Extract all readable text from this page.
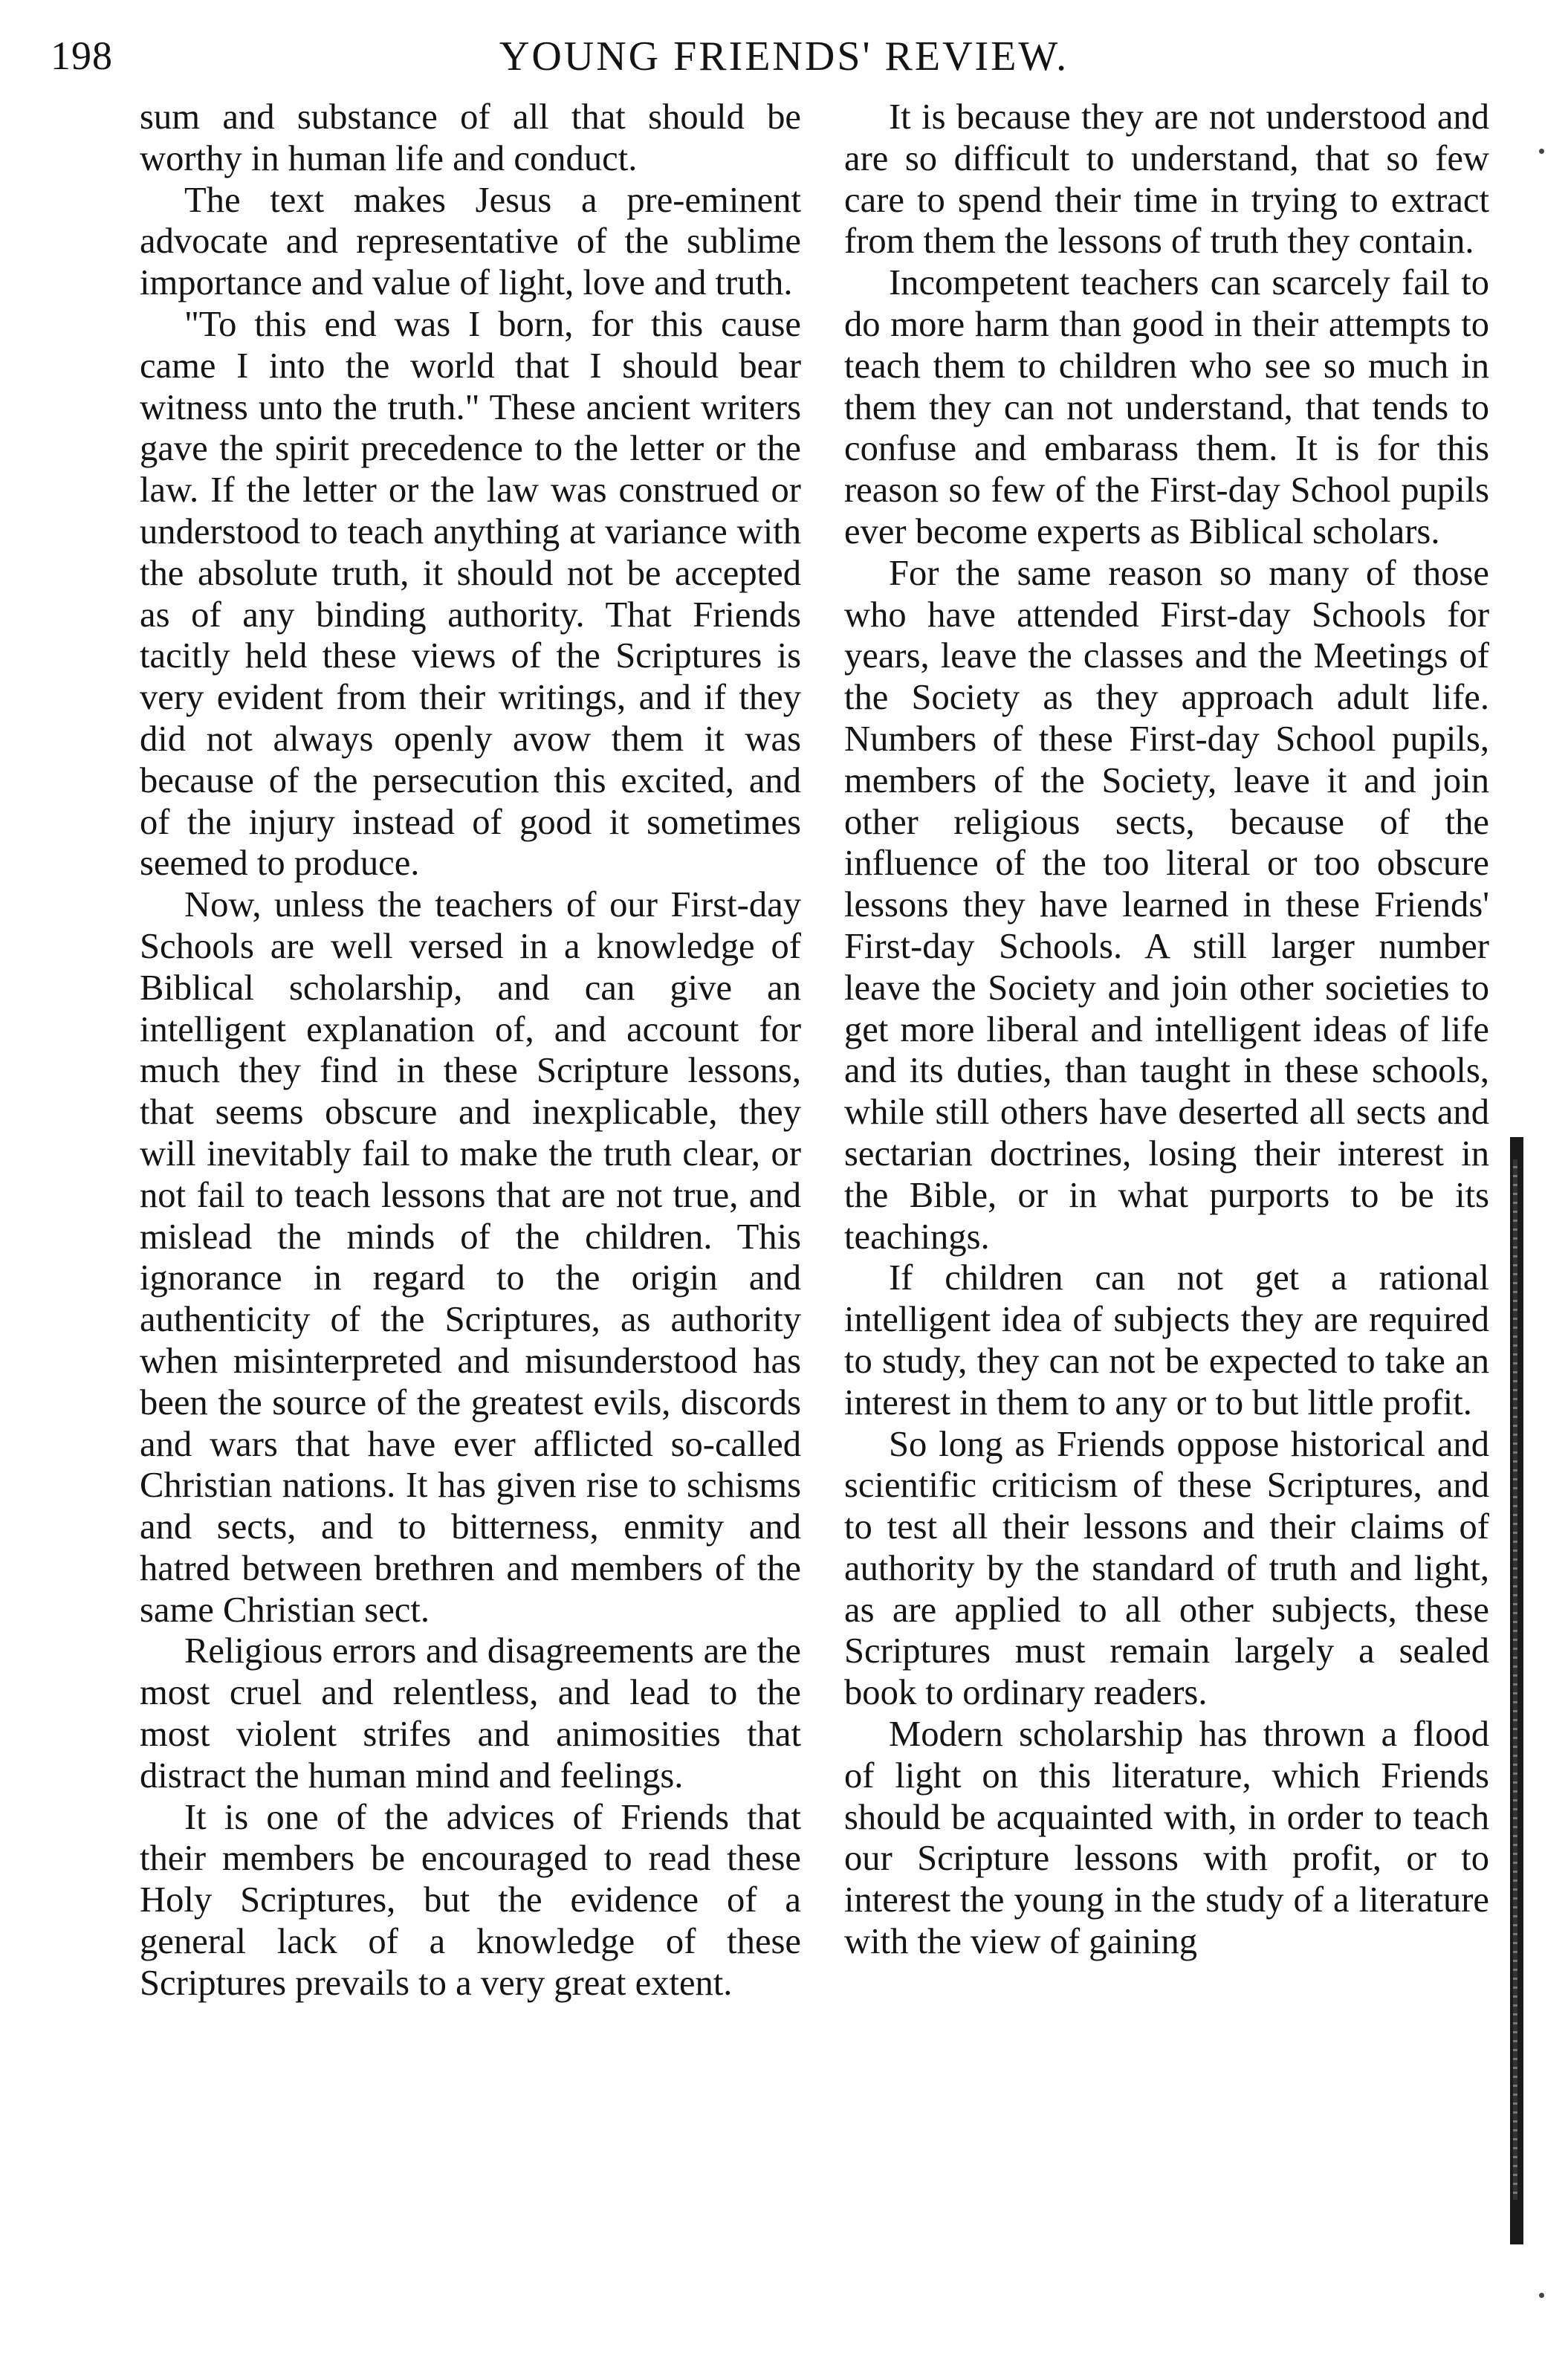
198	YOUNG FRIENDS' REVIEW.

sum and substance of all that should be worthy in human life and conduct.

The text makes Jesus a pre-eminent advocate and representative of the sublime importance and value of light, love and truth.

"To this end was I born, for this cause came I into the world that I should bear witness unto the truth." These ancient writers gave the spirit precedence to the letter or the law. If the letter or the law was construed or understood to teach anything at variance with the absolute truth, it should not be accepted as of any binding authority. That Friends tacitly held these views of the Scriptures is very evident from their writings, and if they did not always openly avow them it was because of the persecution this excited, and of the injury instead of good it sometimes seemed to produce.

Now, unless the teachers of our First-day Schools are well versed in a knowledge of Biblical scholarship, and can give an intelligent explanation of, and account for much they find in these Scripture lessons, that seems obscure and inexplicable, they will inevitably fail to make the truth clear, or not fail to teach lessons that are not true, and mislead the minds of the children. This ignorance in regard to the origin and authenticity of the Scriptures, as authority when misinterpreted and misunderstood has been the source of the greatest evils, discords and wars that have ever afflicted so-called Christian nations. It has given rise to schisms and sects, and to bitterness, enmity and hatred between brethren and members of the same Christian sect.

Religious errors and disagreements are the most cruel and relentless, and lead to the most violent strifes and animosities that distract the human mind and feelings.

It is one of the advices of Friends that their members be encouraged to read these Holy Scriptures, but the evidence of a general lack of a knowledge of these Scriptures prevails to a very great extent.

It is because they are not understood and are so difficult to understand, that so few care to spend their time in trying to extract from them the lessons of truth they contain.

Incompetent teachers can scarcely fail to do more harm than good in their attempts to teach them to children who see so much in them they can not understand, that tends to confuse and embarass them. It is for this reason so few of the First-day School pupils ever become experts as Biblical scholars.

For the same reason so many of those who have attended First-day Schools for years, leave the classes and the Meetings of the Society as they approach adult life. Numbers of these First-day School pupils, members of the Society, leave it and join other religious sects, because of the influence of the too literal or too obscure lessons they have learned in these Friends' First-day Schools. A still larger number leave the Society and join other societies to get more liberal and intelligent ideas of life and its duties, than taught in these schools, while still others have deserted all sects and sectarian doctrines, losing their interest in the Bible, or in what purports to be its teachings.

If children can not get a rational intelligent idea of subjects they are required to study, they can not be expected to take an interest in them to any or to but little profit.

So long as Friends oppose historical and scientific criticism of these Scriptures, and to test all their lessons and their claims of authority by the standard of truth and light, as are applied to all other subjects, these Scriptures must remain largely a sealed book to ordinary readers.

Modern scholarship has thrown a flood of light on this literature, which Friends should be acquainted with, in order to teach our Scripture lessons with profit, or to interest the young in the study of a literature with the view of gaining
